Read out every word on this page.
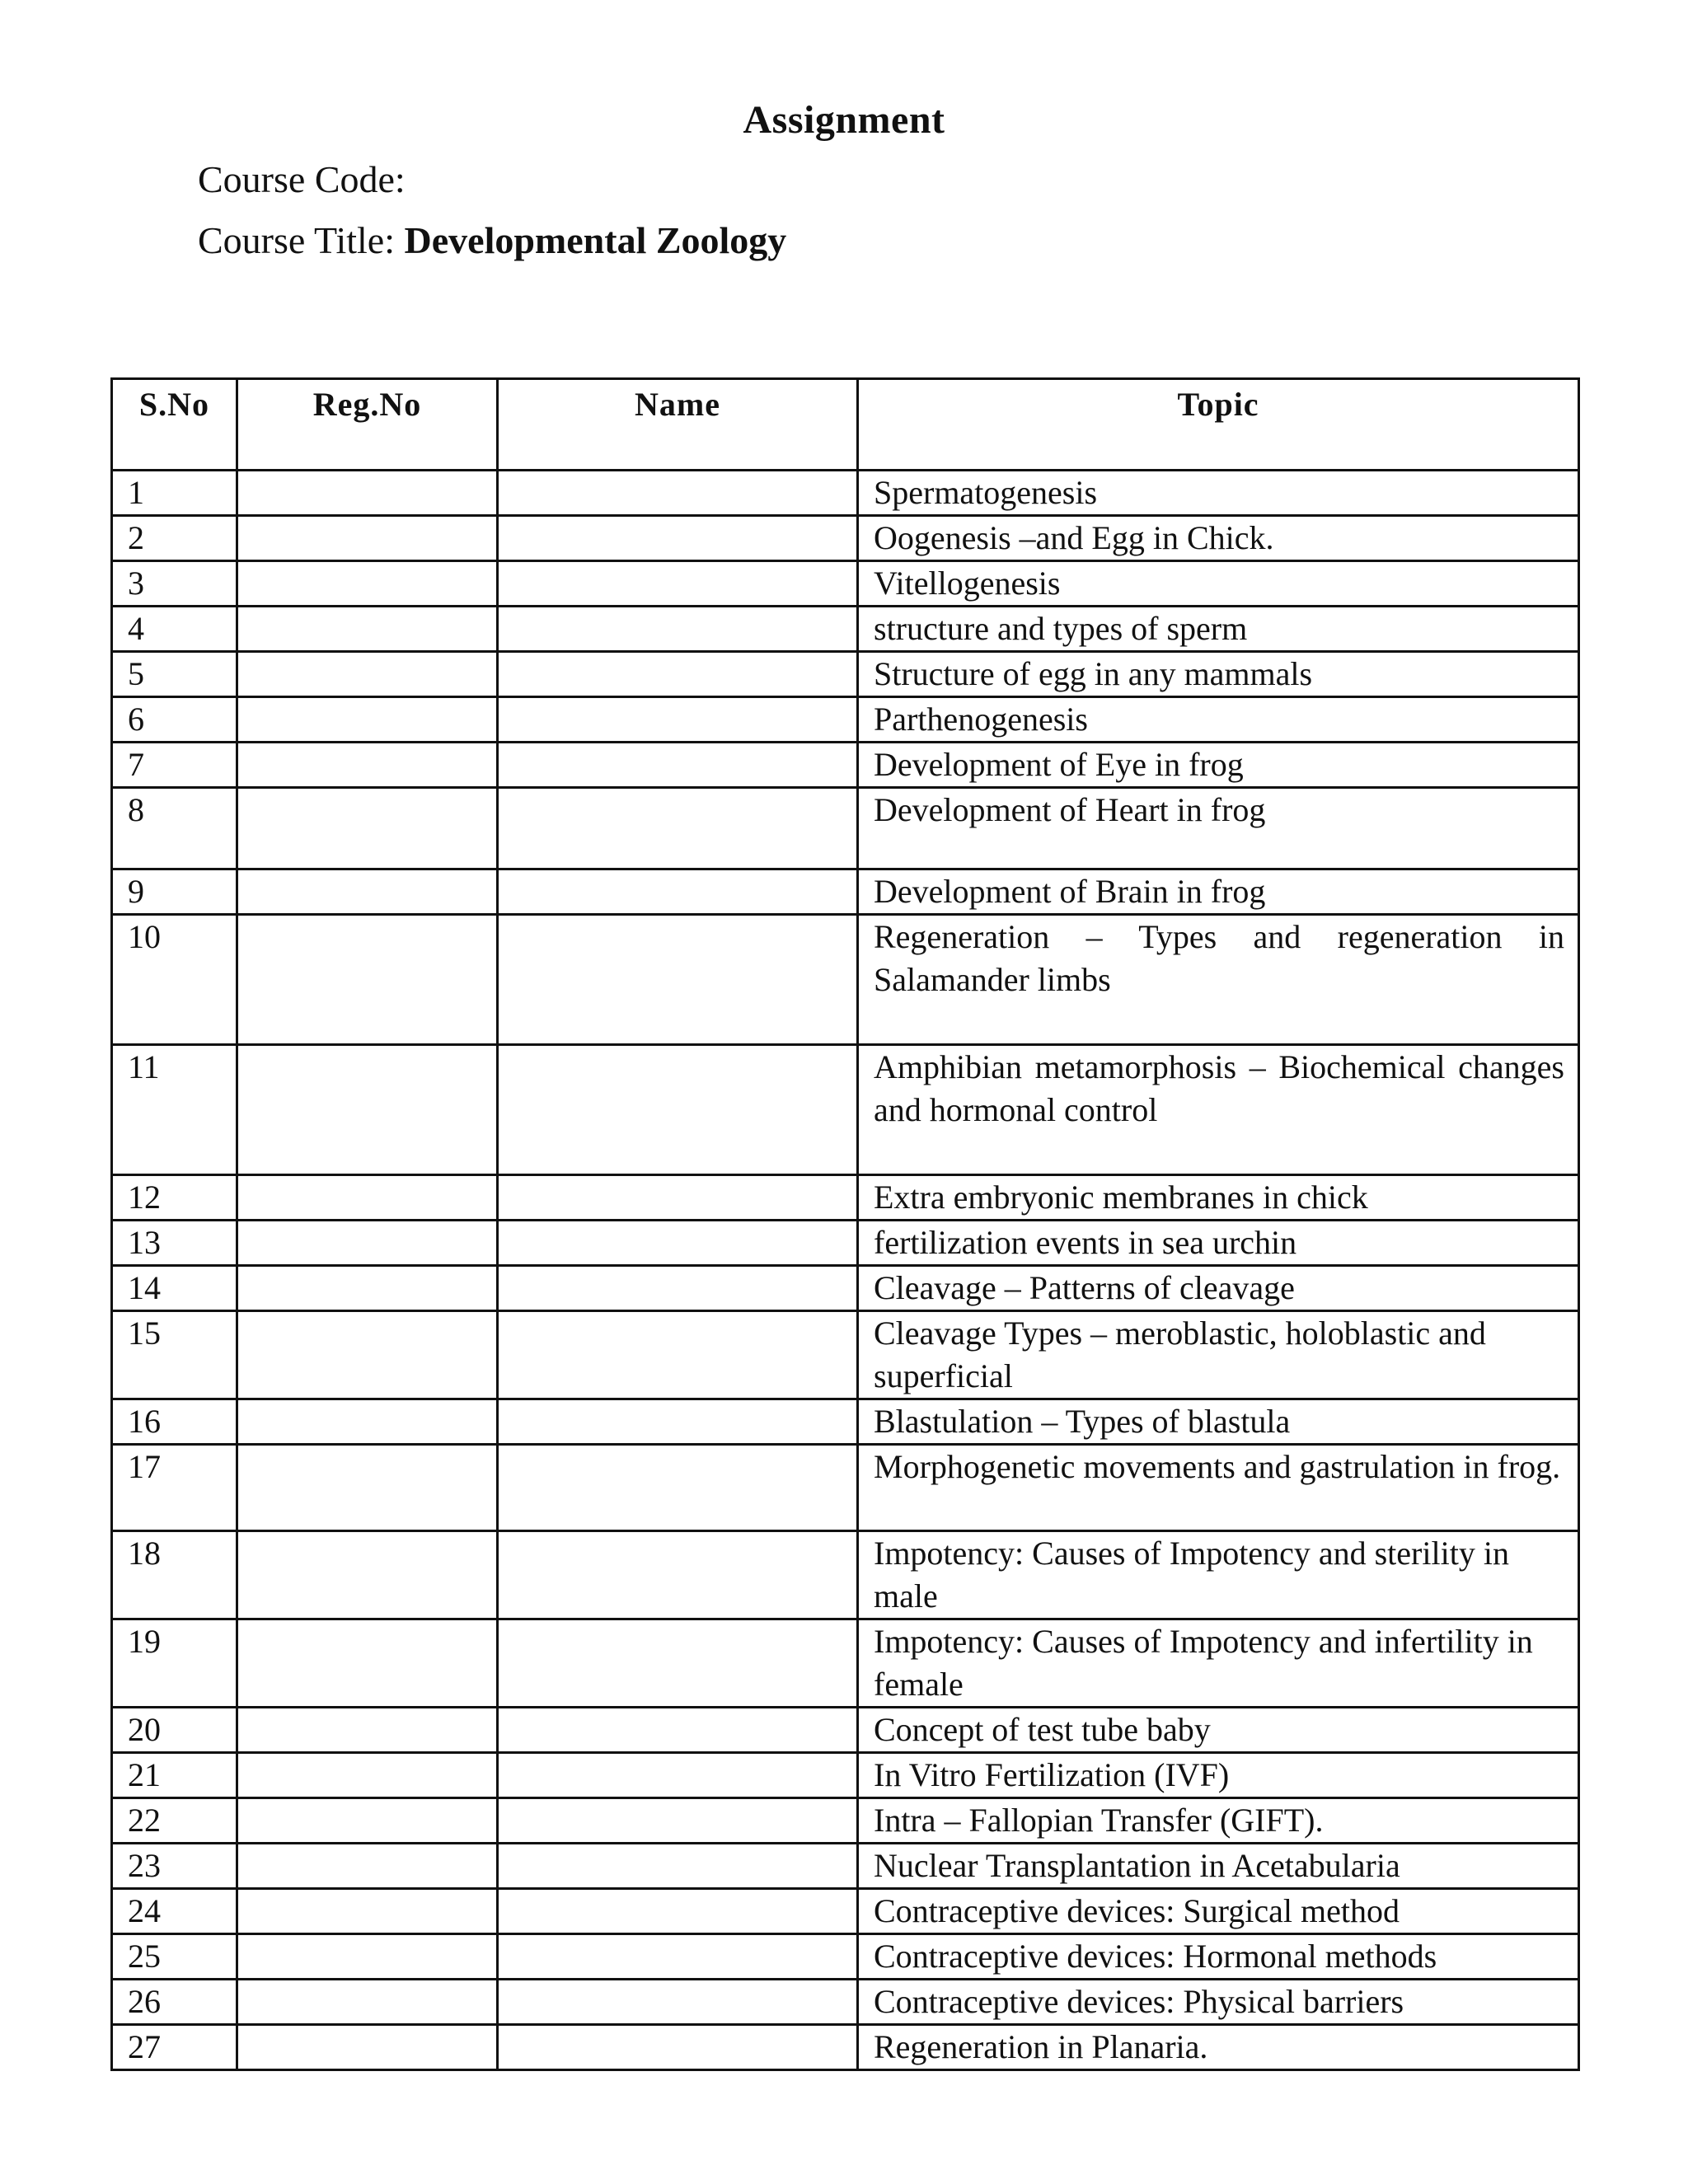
Assignment
Course Code:
Course Title: Developmental Zoology
S.No	Reg.No	Name	Topic
1			Spermatogenesis
2			Oogenesis –and Egg in Chick.
3			Vitellogenesis
4			structure and types of sperm
5			Structure of egg in any mammals
6			Parthenogenesis
7			Development of Eye in frog
8			Development of Heart in frog
9			Development of Brain in frog
10			Regeneration – Types and regeneration in Salamander limbs
11			Amphibian metamorphosis – Biochemical changes and hormonal control
12			Extra embryonic membranes in chick
13			fertilization events in sea urchin
14			Cleavage – Patterns of cleavage
15			Cleavage Types – meroblastic, holoblastic and superficial
16			Blastulation – Types of blastula
17			Morphogenetic movements and gastrulation in frog.
18			Impotency: Causes of Impotency and sterility in male
19			Impotency: Causes of Impotency and infertility in female
20			Concept of test tube baby
21			In Vitro Fertilization (IVF)
22			Intra – Fallopian Transfer (GIFT).
23			Nuclear Transplantation in Acetabularia
24			Contraceptive devices: Surgical method
25			Contraceptive devices: Hormonal methods
26			Contraceptive devices: Physical barriers
27			Regeneration in Planaria.
